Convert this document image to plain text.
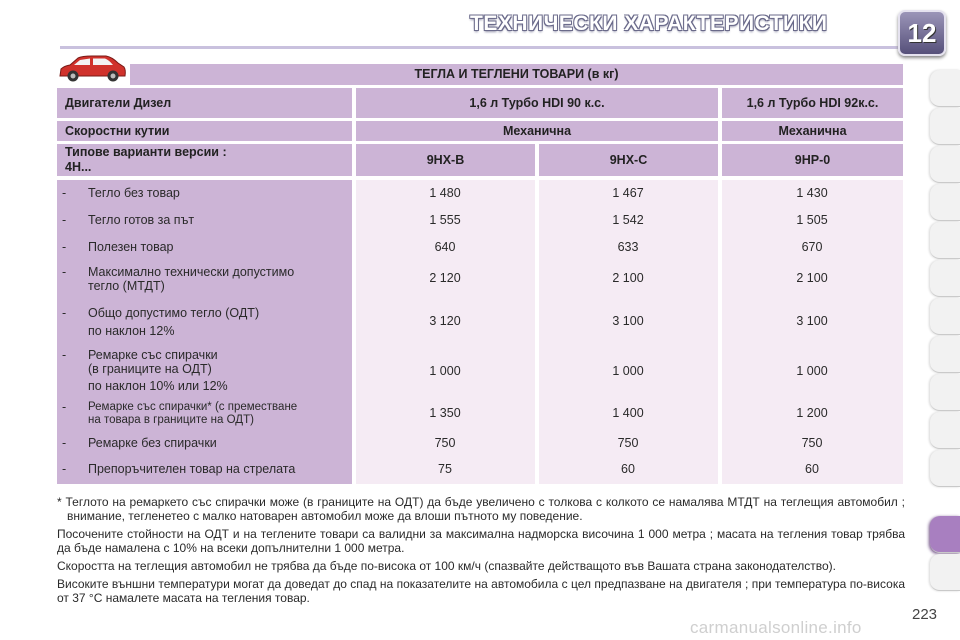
ТЕХНИЧЕСКИ ХАРАКТЕРИСТИКИ	12
ТЕГЛА И ТЕГЛЕНИ ТОВАРИ (в кг)
Двигатели Дизел	1,6 л Турбо HDI 90 к.с.	1,6 л Турбо HDI 92к.с.
Скоростни кутии	Механична	Механична
Типове варианти версии :
4H...	9HX-B	9HX-C	9HP-0
- Тегло без товар	1 480	1 467	1 430
- Тегло готов за път	1 555	1 542	1 505
- Полезен товар	640	633	670
- Максимално технически допустимо
тегло (МТДТ)
2 120	2 100	2 100
- Общо допустимо тегло (ОДТ)
по наклон 12%
3 120	3 100	3 100
- Ремарке със спирачки
(в границите на ОДТ)
по наклон 10% или 12%
1 000	1 000	1 000
- Ремарке със спирачки* (с преместване
на товара в границите на ОДТ)	1 350	1 400	1 200
- Ремарке без спирачки	750	750	750
- Препоръчителен товар на стрелата	75	60	60

* Теглото на ремаркето със спирачки може (в границите на ОДТ) да бъде увеличено с толкова с колкото се намалява МТДТ на теглещия автомобил ; внимание, тегленетео с малко натоварен автомобил може да влоши пътното му поведение.

Посочените стойности на ОДТ и на тегленитe товари са валидни за максимална надморска височина 1 000 метра ; масата на тегления товар трябва да бъде намалена с 10% на всеки допълнителни 1 000 метра.

Скоростта на теглещия автомобил не трябва да бъде по-висока от 100 км/ч (спазвайте действащото във Вашата страна законодателство).

Високите външни температури могат да доведат до спад на показателите на автомобила с цел предпазване на двигателя ; при температура по-висока от 37 °C намалете масата на тегления товар.

223
carmanualsonline.info
